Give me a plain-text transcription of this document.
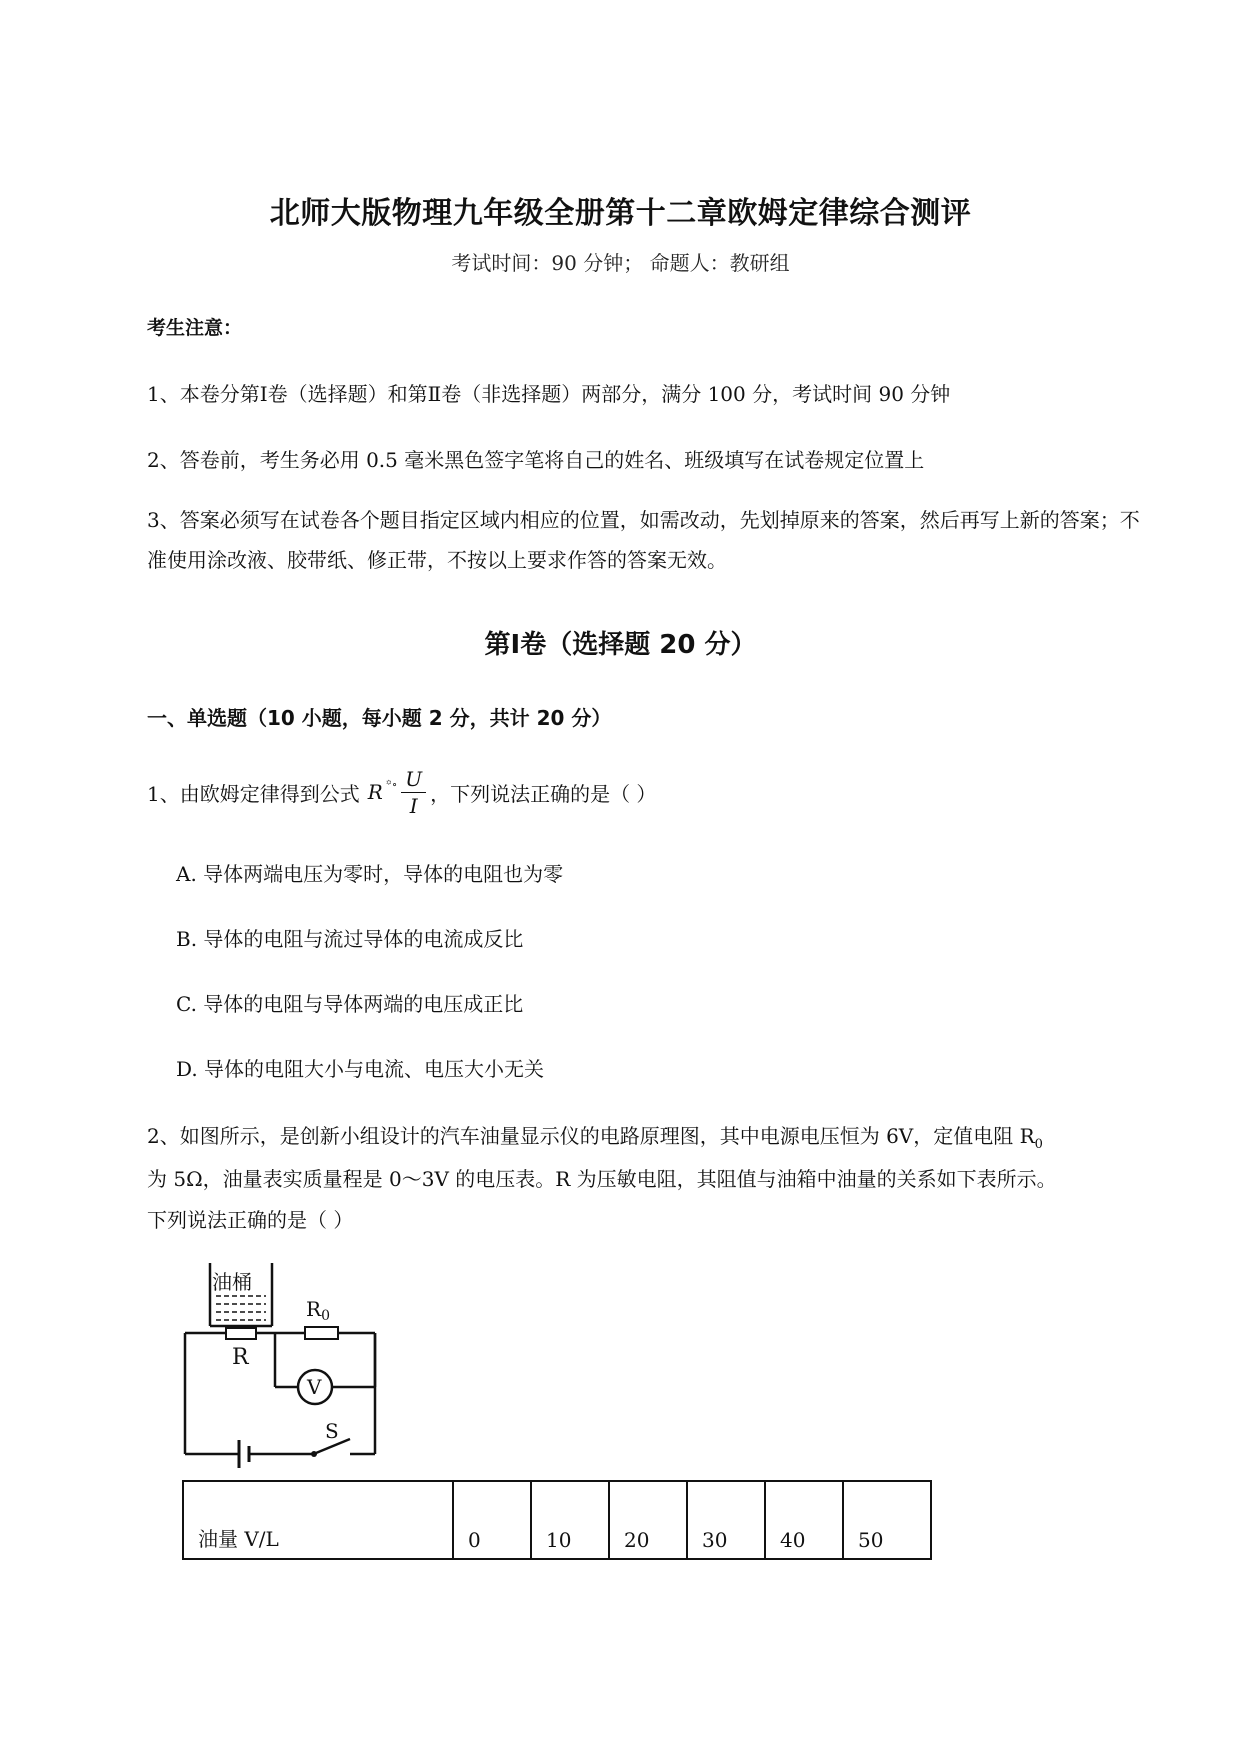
北师大版物理九年级全册第十二章欧姆定律综合测评
考试时间：90 分钟； 命题人：教研组
考生注意：
1、本卷分第Ⅰ卷（选择题）和第Ⅱ卷（非选择题）两部分，满分 100 分，考试时间 90 分钟
2、答卷前，考生务必用 0.5 毫米黑色签字笔将自己的姓名、班级填写在试卷规定位置上
3、答案必须写在试卷各个题目指定区域内相应的位置，如需改动，先划掉原来的答案，然后再写上新的答案；不准使用涂改液、胶带纸、修正带，不按以上要求作答的答案无效。
第Ⅰ卷（选择题 20 分）
一、单选题（10 小题，每小题 2 分，共计 20 分）
1、由欧姆定律得到公式 R ꙳∘ $\frac{U}{I}$ ，下列说法正确的是（ ）
A. 导体两端电压为零时，导体的电阻也为零
B. 导体的电阻与流过导体的电流成反比
C. 导体的电阻与导体两端的电压成正比
D. 导体的电阻大小与电流、电压大小无关
2、如图所示，是创新小组设计的汽车油量显示仪的电路原理图，其中电源电压恒为 6V，定值电阻 $R_0$
为 5Ω，油量表实质量程是 0～3V 的电压表。R 为压敏电阻，其阻值与油箱中油量的关系如下表所示。
下列说法正确的是（ ）
油桶
R
$R_0$
V
S
油量 V/L	0	10	20	30	40	50
